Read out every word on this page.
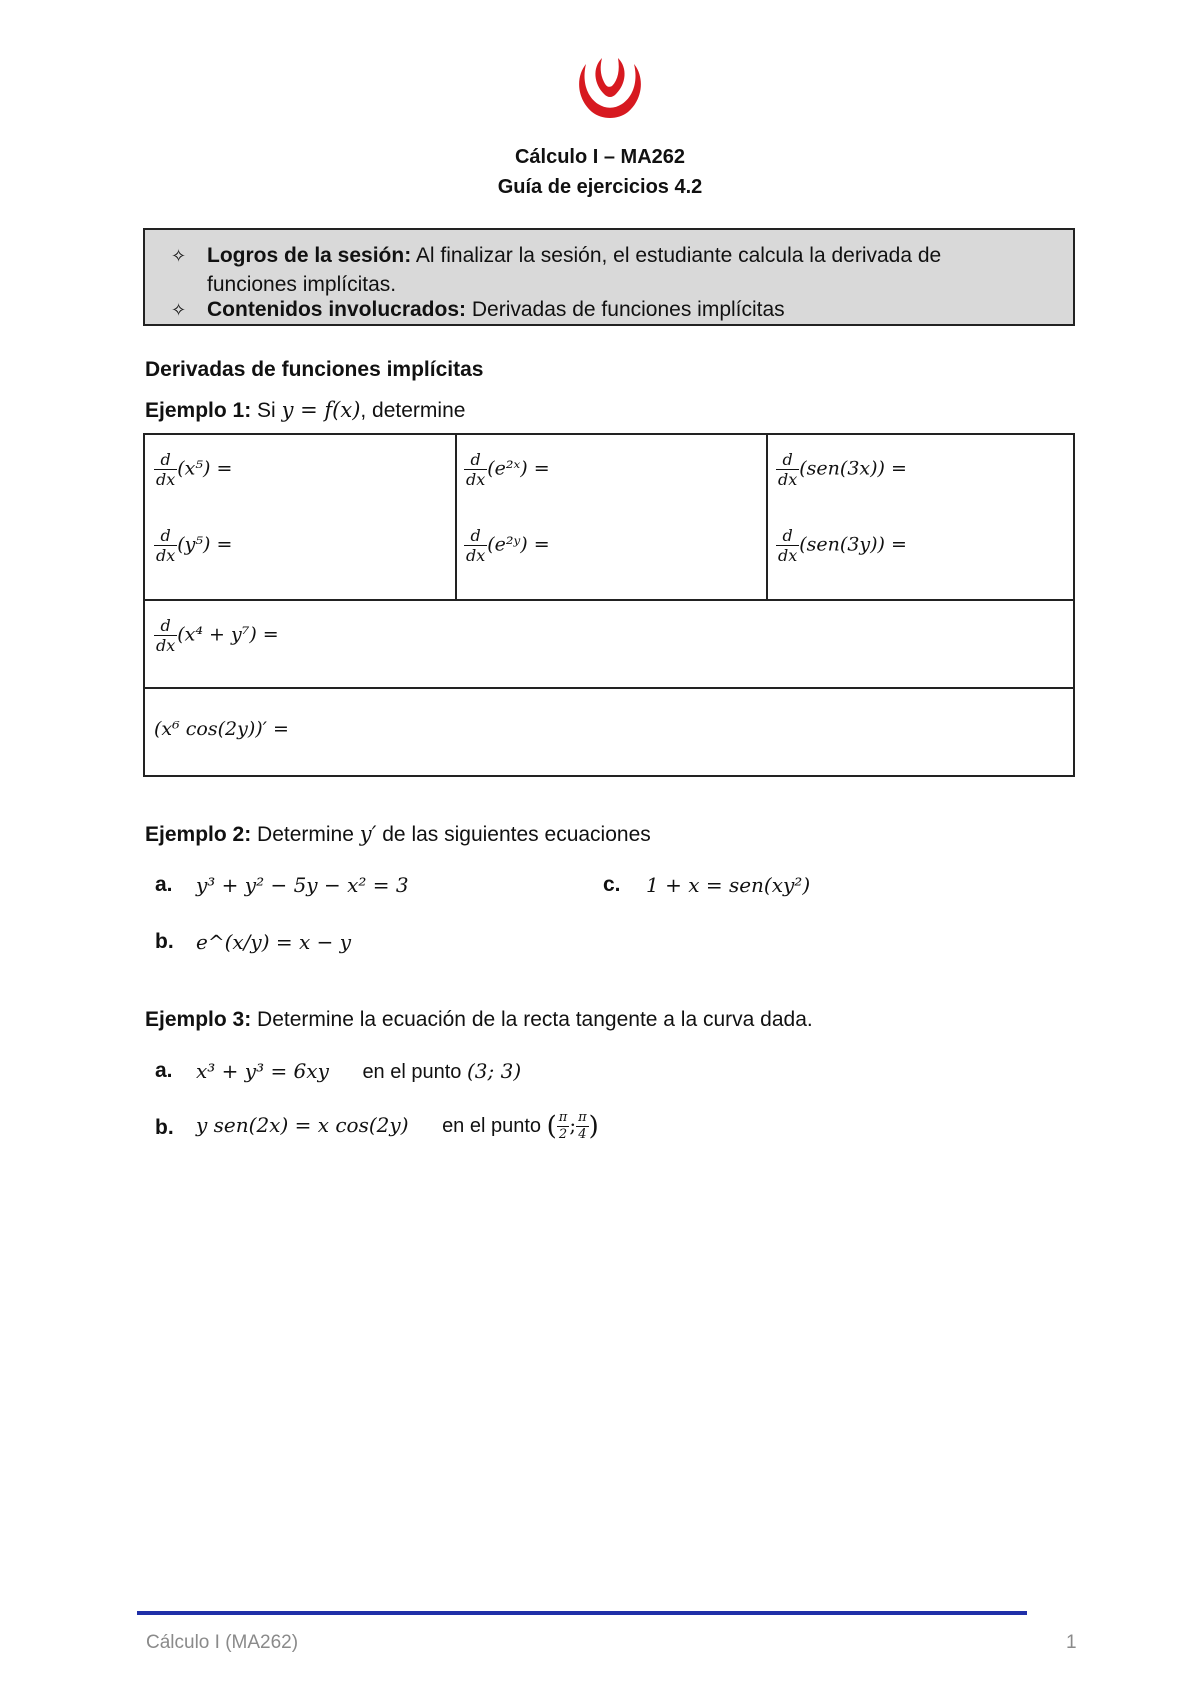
Cálculo I – MA262
Guía de ejercicios 4.2
✧ Logros de la sesión: Al finalizar la sesión, el estudiante calcula la derivada de
funciones implícitas.
✧ Contenidos involucrados: Derivadas de funciones implícitas
Derivadas de funciones implícitas
Ejemplo 1: Si y = f(x), determine
$\frac{d}{dx} (x^5)$ =	$\frac{d}{dx}$ (e²ˣ) =	$\frac{d}{dx} (sen(3x))$ =
$\frac{d}{dx} (y^5)$ =	$\frac{d}{dx}$ (e²ʸ) =	$\frac{d}{dx} (sen(3y))$ =
$\frac{d}{dx} (x^4 + y^7)$ =
(x⁶ cos(2y))′ =
Ejemplo 2: Determine y′ de las siguientes ecuaciones
a. y³ + y² − 5y − x² = 3	c. 1 + x = sen(xy²)
b. e^(x/y) = x − y
Ejemplo 3: Determine la ecuación de la recta tangente a la curva dada.
a. x³ + y³ = 6xy en el punto (3; 3)
b. y sen(2x) = x cos(2y) en el punto ( $\frac{\pi}{2}$ ; $\frac{\pi}{4}$ )
Cálculo I (MA262)	1
